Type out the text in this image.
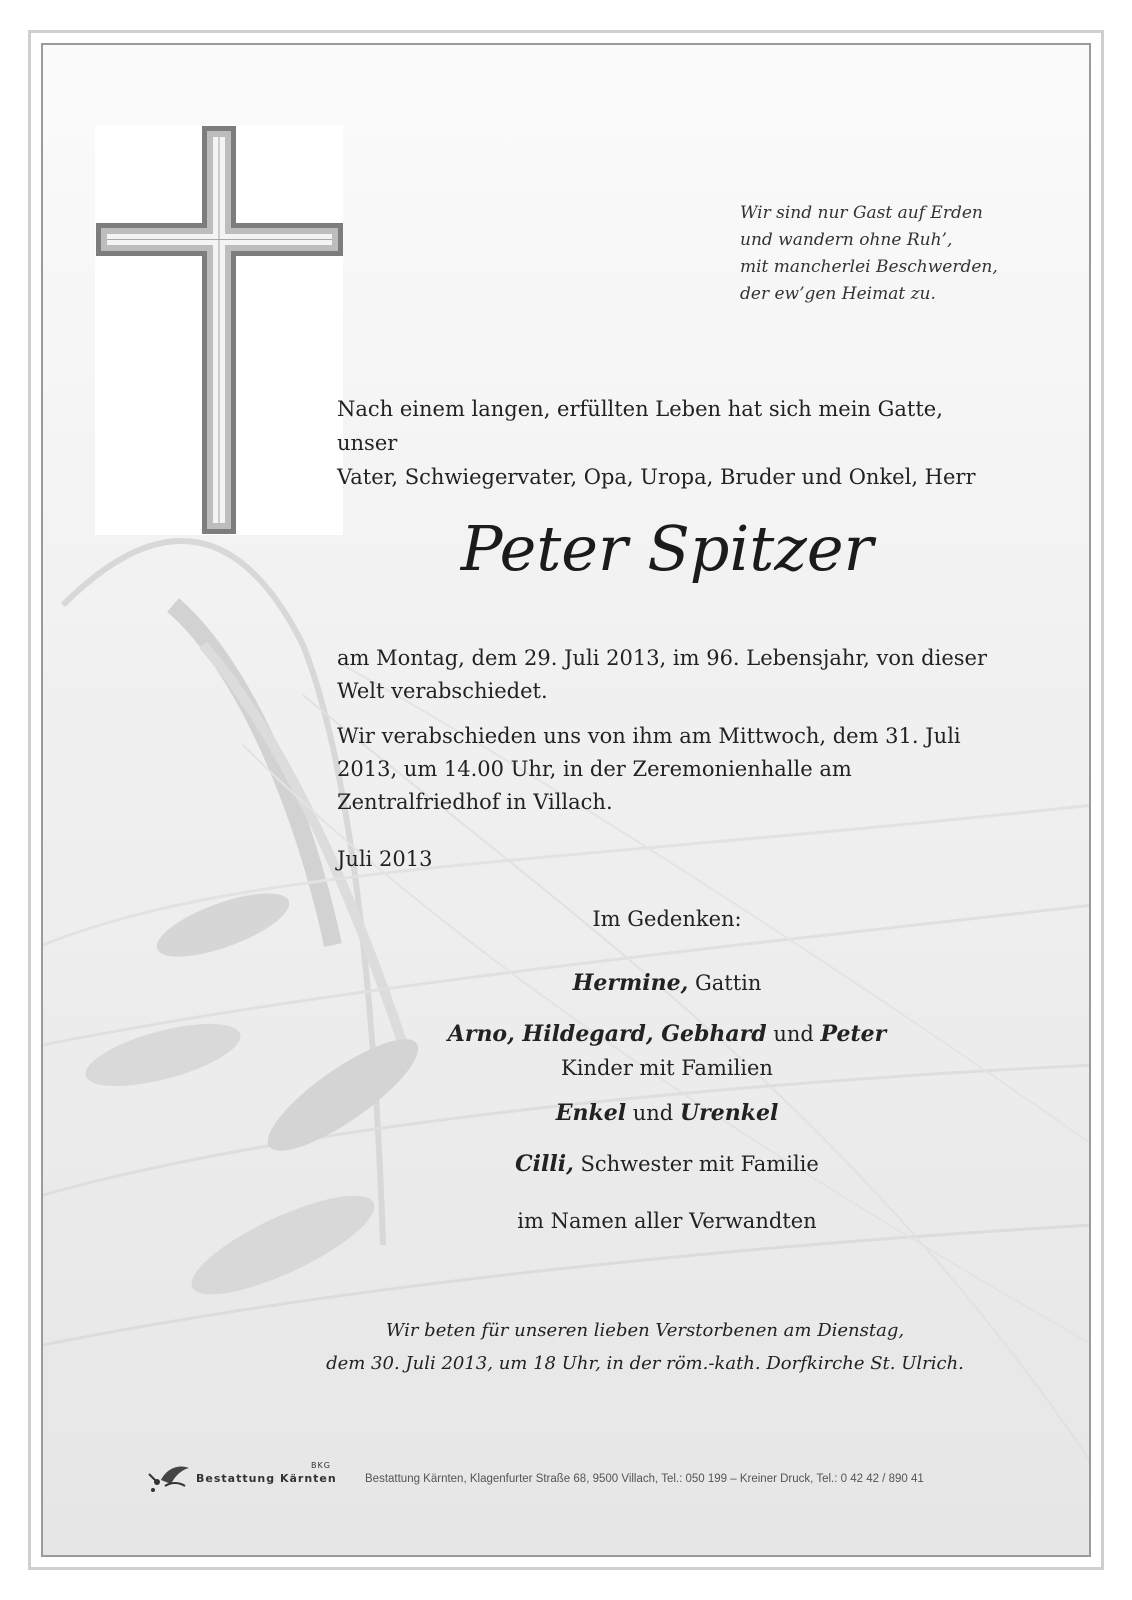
Wir sind nur Gast auf Erden
und wandern ohne Ruh’,
mit mancherlei Beschwerden,
der ew’gen Heimat zu.
Nach einem langen, erfüllten Leben hat sich mein Gatte, unser
Vater, Schwiegervater, Opa, Uropa, Bruder und Onkel, Herr
Peter Spitzer
am Montag, dem 29. Juli 2013, im 96. Lebensjahr, von dieser Welt verabschiedet.
Wir verabschieden uns von ihm am Mittwoch, dem 31. Juli 2013, um 14.00 Uhr, in der Zeremonienhalle am Zentralfriedhof in Villach.
Juli 2013
Im Gedenken:
Hermine, Gattin
Arno, Hildegard, Gebhard und Peter
Kinder mit Familien
Enkel und Urenkel
Cilli, Schwester mit Familie
im Namen aller Verwandten
Wir beten für unseren lieben Verstorbenen am Dienstag,
dem 30. Juli 2013, um 18 Uhr, in der röm.-kath. Dorfkirche St. Ulrich.
BKG
Bestattung Kärnten Bestattung Kärnten, Klagenfurter Straße 68, 9500 Villach, Tel.: 050 199 – Kreiner Druck, Tel.: 0 42 42 / 890 41
